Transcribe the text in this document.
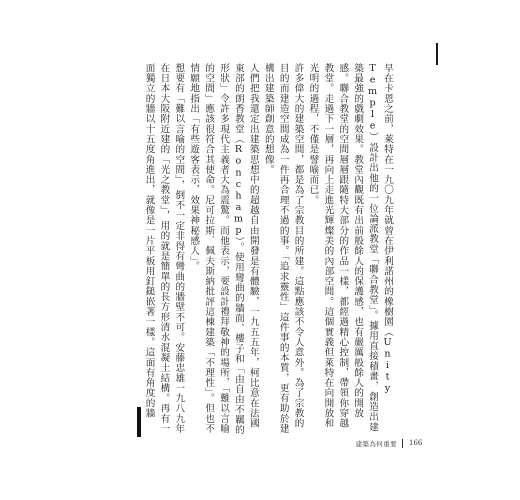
早在卡恩之前，萊特在一九〇九年就曾在伊利諾州的橡樹園（Unity Temple）設計出他的一位論派教堂「聯合教堂」。據用直接積畫，創造出建築最強的戲劇效果。教堂內觀既有出前般餘人的保護感，也有嚴厲般餘人的開放感。聯合教堂的空間層層跟隨特大部分的作品一樣，都經過精心控制，帶領你穿越教堂。走過下一層，再向上走進光輝燦美的內部空間。這個實義但萊特在向開放和光明的過程，不僅是譬喻而已。

許多偉大的建築空間，都是為了宗教目的所建。這點應該不令人意外。為了宗教的目的而建造空間成為一件再合理不過的事。「追求靈性」這件事的本質，更有助於建構出建築師創意的想像。

人們把我還定出建築思想中的超越自由開發是有體驗，一九五五年，柯比意在法國東部的朗香教堂（Ronchamp）。使用彎曲的牆面、樓子和「由自由不羈的形狀」令許多現代主義者大為震驚。而他表示，要設計禮拜敬神的場所，「難以言喻的空間」應該很符合其使命。尼可拉斯．佩夫斯納批評這棟建築「不理性」。但也不情願地指出「有些遊客表示，效果神秘感人」。

想要有「難以言喻的空間」，倒不一定非得有彎曲的牆壁不可。安藤忠雄一九八九年在日本大阪附近建的「光之教堂」，用的就是簡單的長方形清水混凝土結構。再有一面獨立的牆以十五度角進出，就像是一片平板用釘鎚嵌著一樣。這面有角度的牆

建築為何重要 166
